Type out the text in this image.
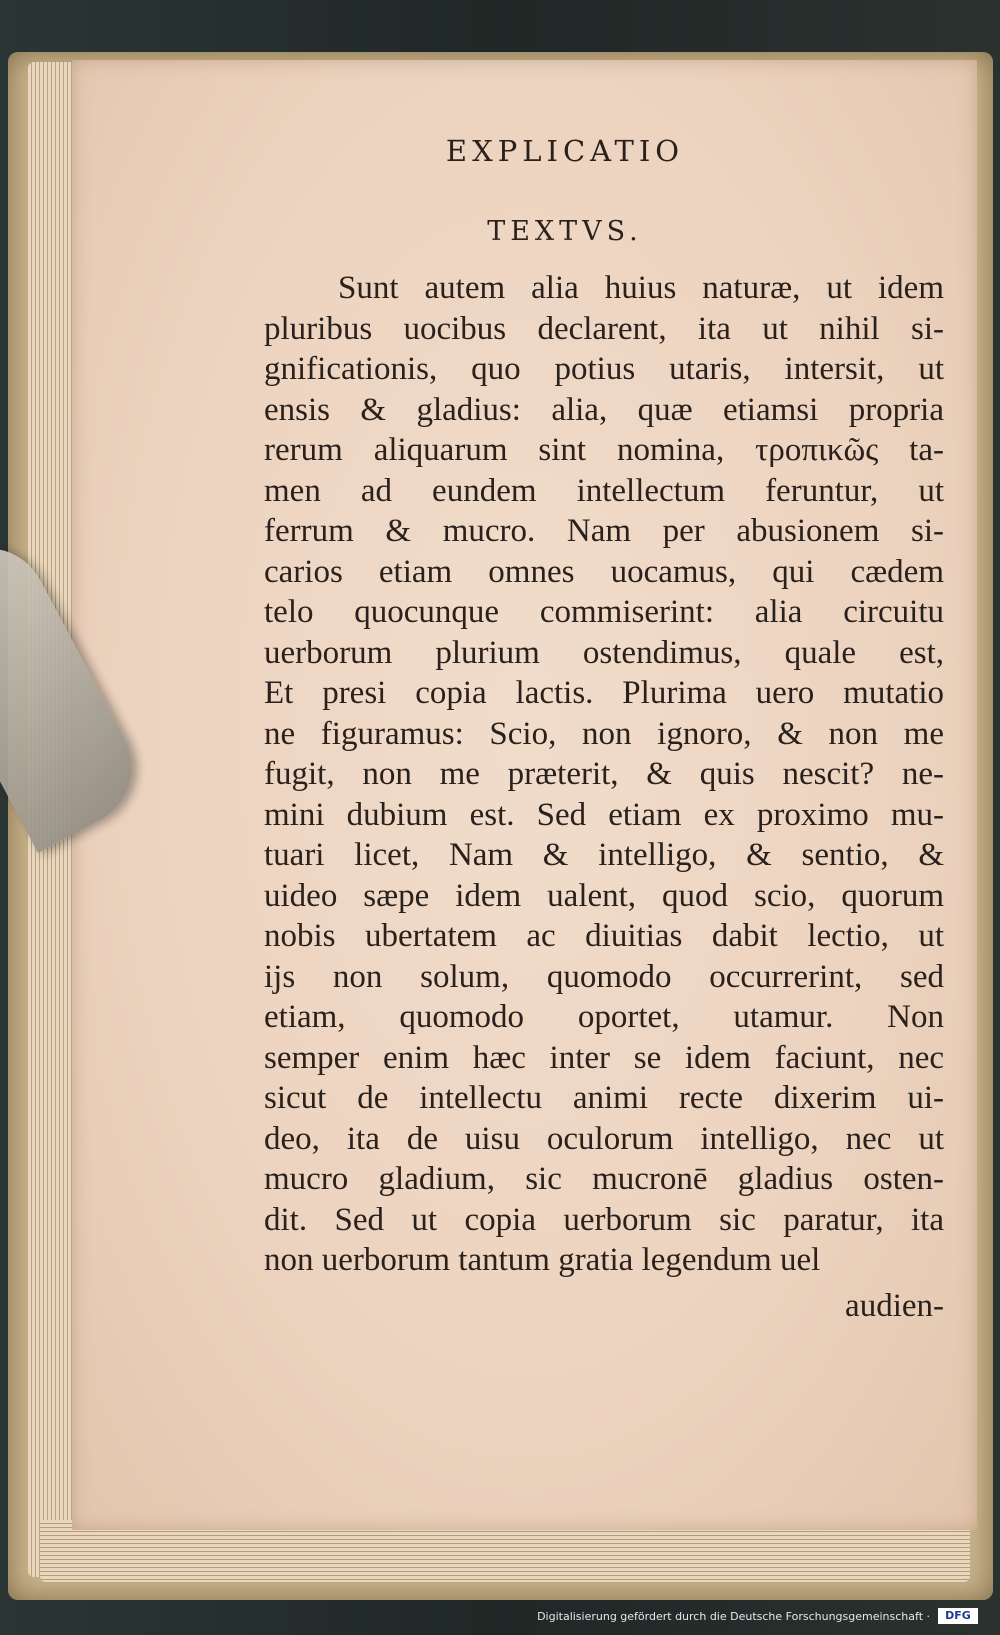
EXPLICATIO
TEXTVS.
Sunt autem alia huius naturæ, ut idem
pluribus uocibus declarent, ita ut nihil si-
gnificationis, quo potius utaris, intersit, ut
ensis & gladius: alia, quæ etiamsi propria
rerum aliquarum sint nomina, τροπικῶς ta-
men ad eundem intellectum feruntur, ut
ferrum & mucro. Nam per abusionem si-
carios etiam omnes uocamus, qui cædem
telo quocunque commiserint: alia circuitu
uerborum plurium ostendimus, quale est,
Et presi copia lactis. Plurima uero mutatio
ne figuramus: Scio, non ignoro, & non me
fugit, non me præterit, & quis nescit? ne-
mini dubium est. Sed etiam ex proximo mu-
tuari licet, Nam & intelligo, & sentio, &
uideo sæpe idem ualent, quod scio, quorum
nobis ubertatem ac diuitias dabit lectio, ut
ijs non solum, quomodo occurrerint, sed
etiam, quomodo oportet, utamur. Non
semper enim hæc inter se idem faciunt, nec
sicut de intellectu animi recte dixerim ui-
deo, ita de uisu oculorum intelligo, nec ut
mucro gladium, sic mucronē gladius osten-
dit. Sed ut copia uerborum sic paratur, ita
non uerborum tantum gratia legendum uel
audien-
Digitalisierung gefördert durch die Deutsche Forschungsgemeinschaft ·	DFG
